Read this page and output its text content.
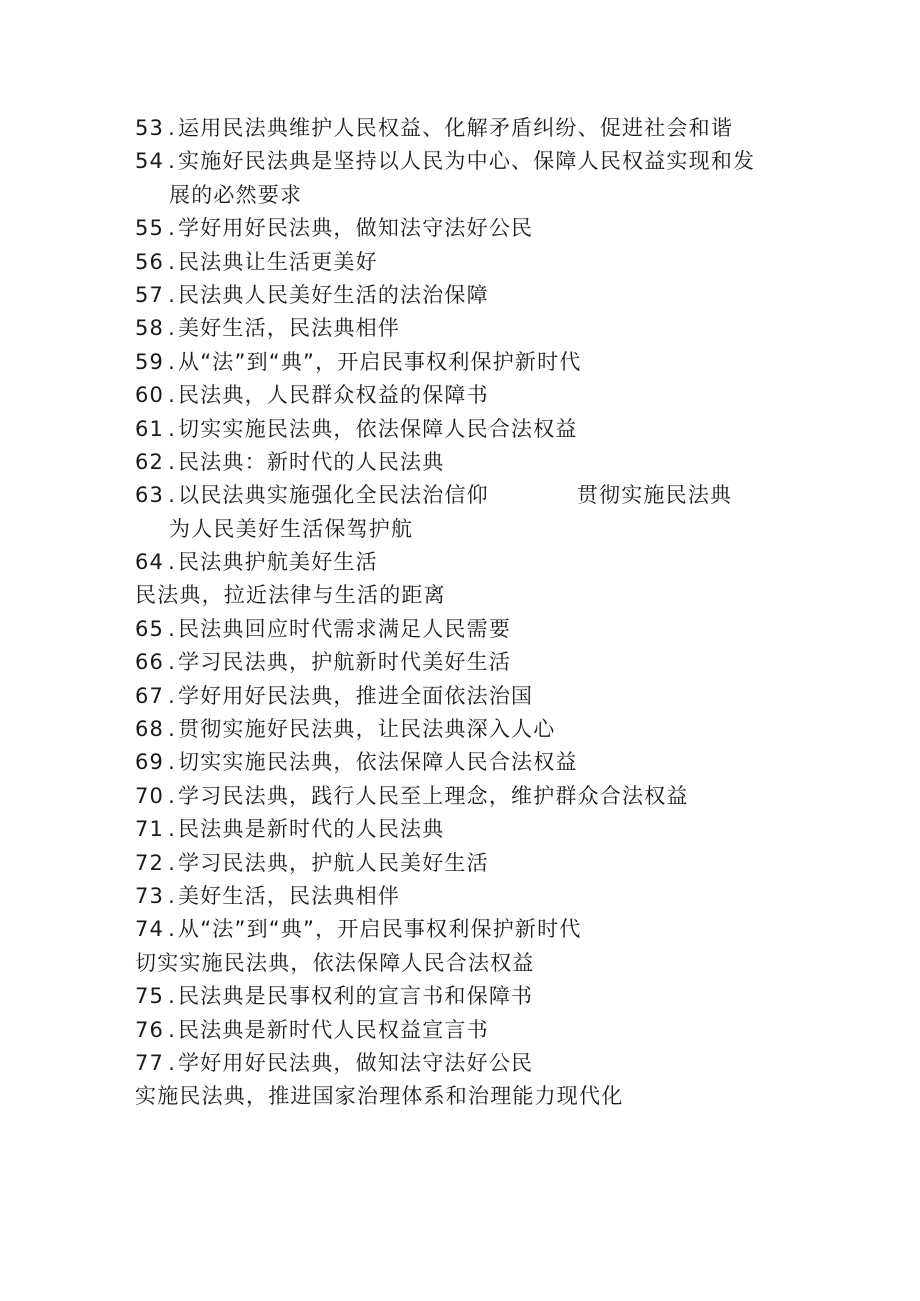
53 .运用民法典维护人民权益、化解矛盾纠纷、促进社会和谐
54 .实施好民法典是坚持以人民为中心、保障人民权益实现和发
展的必然要求
55 .学好用好民法典，做知法守法好公民
56 .民法典让生活更美好
57 .民法典人民美好生活的法治保障
58 .美好生活，民法典相伴
59 .从“法”到“典”，开启民事权利保护新时代
60 .民法典，人民群众权益的保障书
61 .切实实施民法典，依法保障人民合法权益
62 .民法典：新时代的人民法典
63 .以民法典实施强化全民法治信仰	贯彻实施民法典
为人民美好生活保驾护航
64 .民法典护航美好生活
民法典，拉近法律与生活的距离
65 .民法典回应时代需求满足人民需要
66 .学习民法典，护航新时代美好生活
67 .学好用好民法典，推进全面依法治国
68 .贯彻实施好民法典，让民法典深入人心
69 .切实实施民法典，依法保障人民合法权益
70 .学习民法典，践行人民至上理念，维护群众合法权益
71 .民法典是新时代的人民法典
72 .学习民法典，护航人民美好生活
73 .美好生活，民法典相伴
74 .从“法”到“典”，开启民事权利保护新时代
切实实施民法典，依法保障人民合法权益
75 .民法典是民事权利的宣言书和保障书
76 .民法典是新时代人民权益宣言书
77 .学好用好民法典，做知法守法好公民
实施民法典，推进国家治理体系和治理能力现代化
